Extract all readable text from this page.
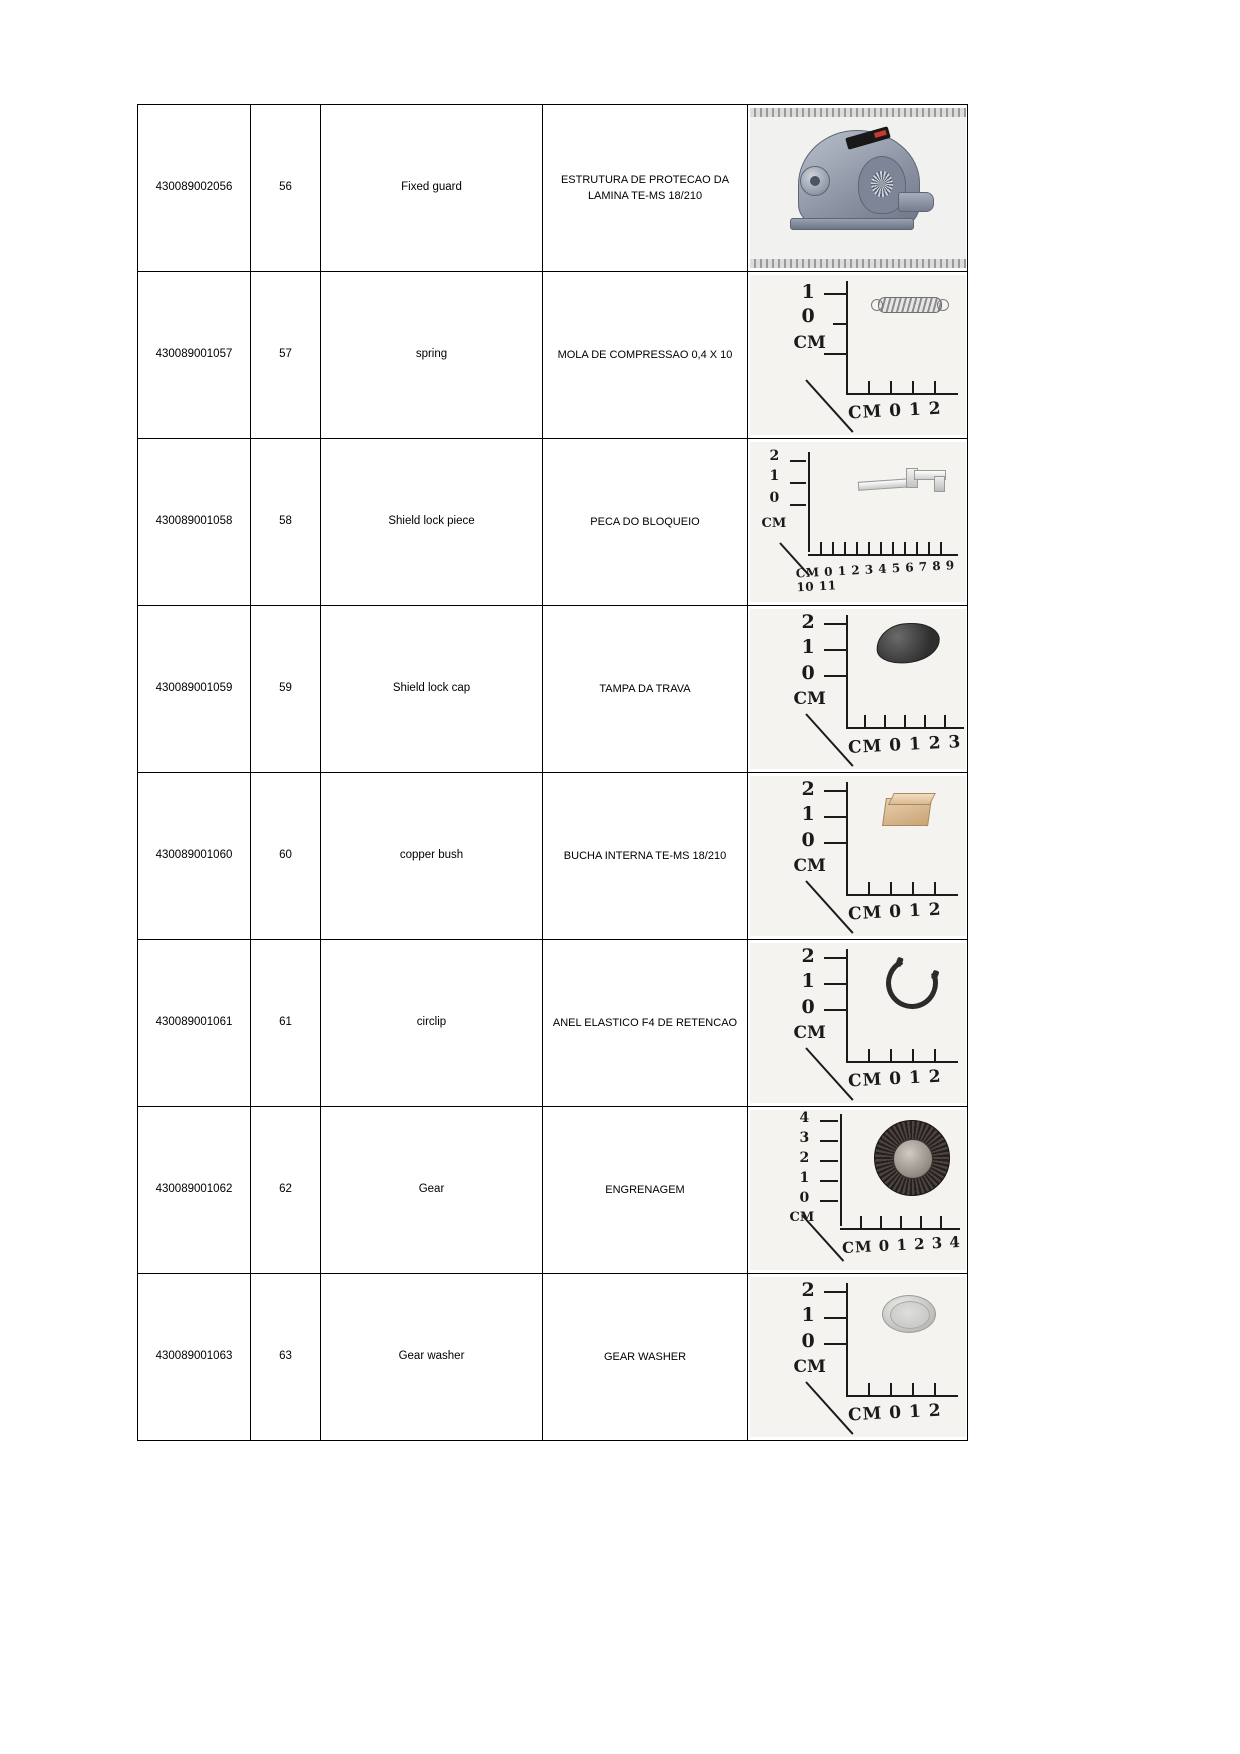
430089002056	56	Fixed guard	ESTRUTURA DE PROTECAO DA LAMINA TE-MS 18/210	

430089001057	57	spring	MOLA DE COMPRESSAO 0,4 X 10	1
0
CM
CM 0 1 2

430089001058	58	Shield lock piece	PECA DO BLOQUEIO	2
1
0
CM
CM 0 1 2 3 4 5 6 7 8 9 10 11

430089001059	59	Shield lock cap	TAMPA DA TRAVA	2
1
0
CM
CM 0 1 2 3

430089001060	60	copper bush	BUCHA INTERNA TE-MS 18/210	2
1
0
CM
CM 0 1 2

430089001061	61	circlip	ANEL ELASTICO F4 DE RETENCAO	2
1
0
CM
CM 0 1 2

430089001062	62	Gear	ENGRENAGEM	
4
3
2
1
0
CM
CM 0 1 2 3 4

430089001063	63	Gear washer	GEAR WASHER	2
1
0
CM
CM 0 1 2
